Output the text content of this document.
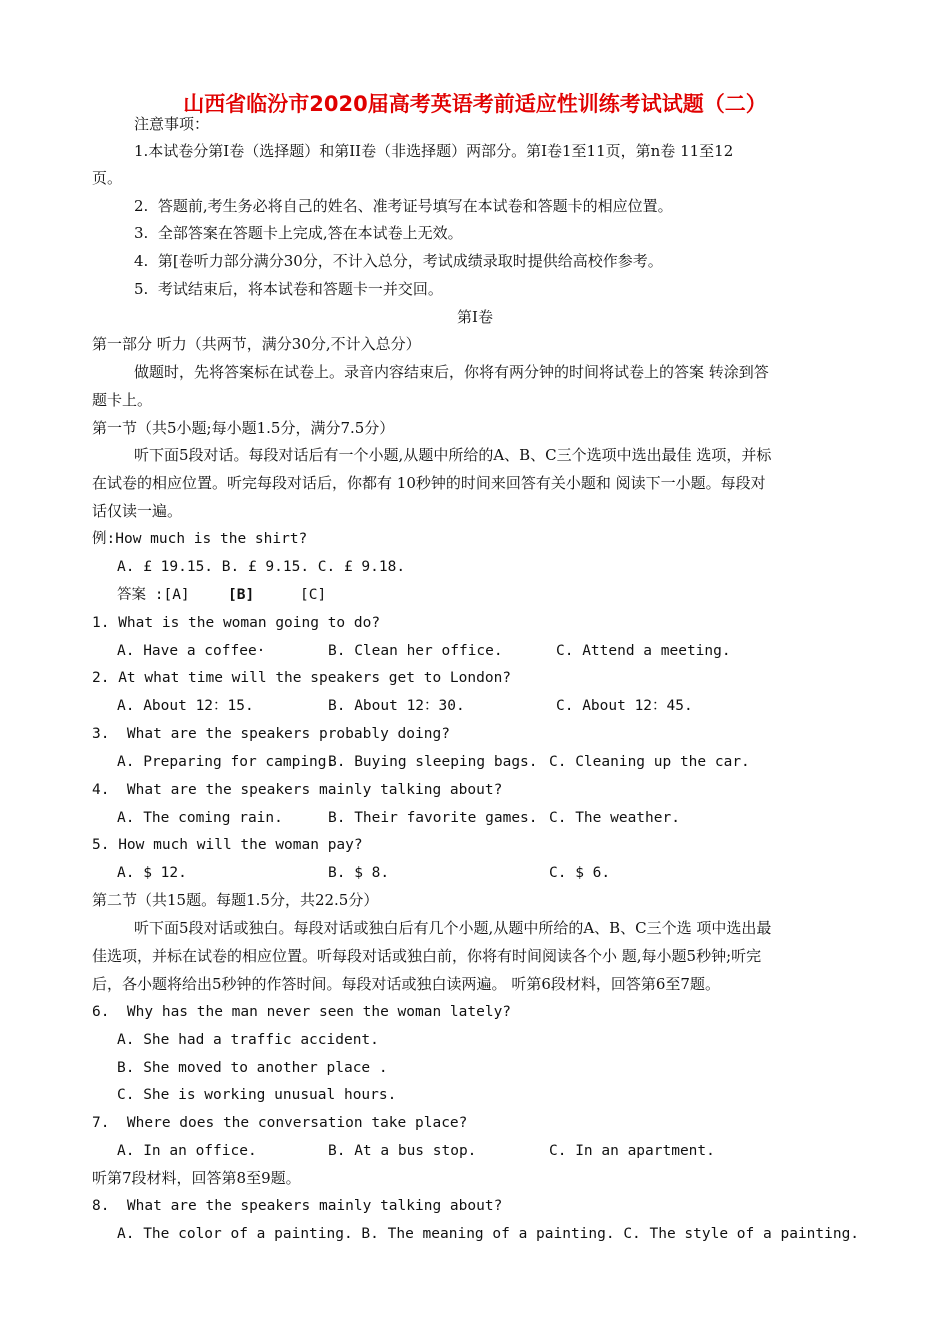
山西省临汾市2020届高考英语考前适应性训练考试试题（二）
注意事项：
1.本试卷分第Ⅰ卷（选择题）和第II卷（非选择题）两部分。第Ⅰ卷1至11页，第n卷 11至12
页。
2.  答题前,考生务必将自己的姓名、准考证号填写在本试卷和答题卡的相应位置。
3.  全部答案在答题卡上完成,答在本试卷上无效。
4.  第[卷听力部分满分30分，不计入总分，考试成绩录取时提供给高校作参考。
5.  考试结束后，将本试卷和答题卡一并交回。
第Ⅰ卷
第一部分 听力（共两节，满分30分,不计入总分）
做题时，先将答案标在试卷上。录音内容结束后，你将有两分钟的时间将试卷上的答案 转涂到答
题卡上。
第一节（共5小题;每小题1.5分，满分7.5分）
听下面5段对话。每段对话后有一个小题,从题中所给的A、B、C三个选项中选出最佳 选项，并标
在试卷的相应位置。听完每段对话后，你都有 10秒钟的时间来回答有关小题和 阅读下一小题。每段对
话仅读一遍。
例:How much is the shirt?
A. £ 19.15. B. £ 9.15. C. £ 9.18.
答案 :[A]	[B]	[C]
1. What is the woman going to do?
A. Have a coffee·	B. Clean her office.	C. Attend a meeting.
2. At what time will the speakers get to London?
A. About 12：15.	B. About 12：30.	C. About 12：45.
3.  What are the speakers probably doing?
A. Preparing for camping.
B. Buying sleeping bags. C. Cleaning up the car.
4.  What are the speakers mainly talking about?
A. The coming rain.	B. Their favorite games. C. The weather.
5. How much will the woman pay?
A. $ 12.	B. $ 8.	C. $ 6.
第二节（共15题。每题1.5分，共22.5分）
听下面5段对话或独白。每段对话或独白后有几个小题,从题中所给的A、B、C三个选 项中选出最
佳选项，并标在试卷的相应位置。听每段对话或独白前，你将有时间阅读各个小 题,每小题5秒钟;听完
后，各小题将给出5秒钟的作答时间。每段对话或独白读两遍。 听第6段材料，回答第6至7题。
6.  Why has the man never seen the woman lately?
A. She had a traffic accident.
B. She moved to another place .
C. She is working unusual hours.
7.  Where does the conversation take place?
A. In an office.	B. At a bus stop.	C. In an apartment.
听第7段材料，回答第8至9题。
8.  What are the speakers mainly talking about?
A. The color of a painting. B. The meaning of a painting. C. The style of a painting.
